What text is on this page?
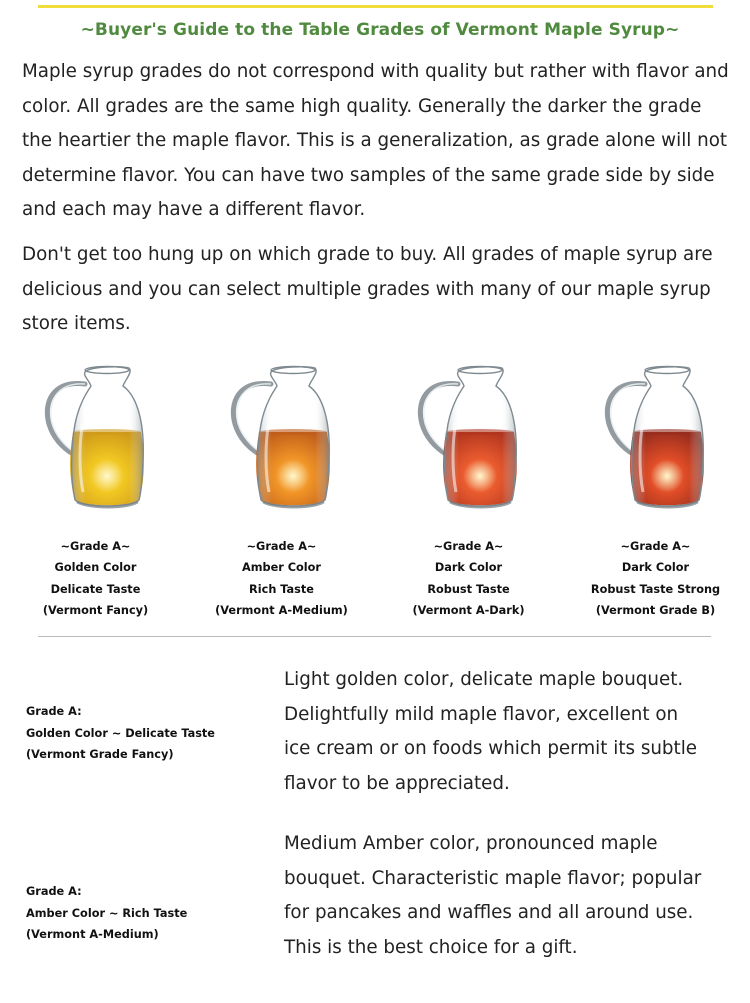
~Buyer's Guide to the Table Grades of Vermont Maple Syrup~

Maple syrup grades do not correspond with quality but rather with flavor and color. All grades are the same high quality. Generally the darker the grade the heartier the maple flavor. This is a generalization, as grade alone will not determine flavor. You can have two samples of the same grade side by side and each may have a different flavor.

Don't get too hung up on which grade to buy. All grades of maple syrup are delicious and you can select multiple grades with many of our maple syrup store items.

~Grade A~
Golden Color
Delicate Taste
(Vermont Fancy)
~Grade A~
Amber Color
Rich Taste
(Vermont A-Medium)
~Grade A~
Dark Color
Robust Taste
(Vermont A-Dark)
~Grade A~
Dark Color
Robust Taste Strong
(Vermont Grade B)
Grade A:
Golden Color ~ Delicate Taste
(Vermont Grade Fancy)

Light golden color, delicate maple bouquet. Delightfully mild maple flavor, excellent on ice cream or on foods which permit its subtle flavor to be appreciated.

Grade A:
Amber Color ~ Rich Taste
(Vermont A-Medium)

Medium Amber color, pronounced maple bouquet. Characteristic maple flavor; popular for pancakes and waffles and all around use. This is the best choice for a gift.
